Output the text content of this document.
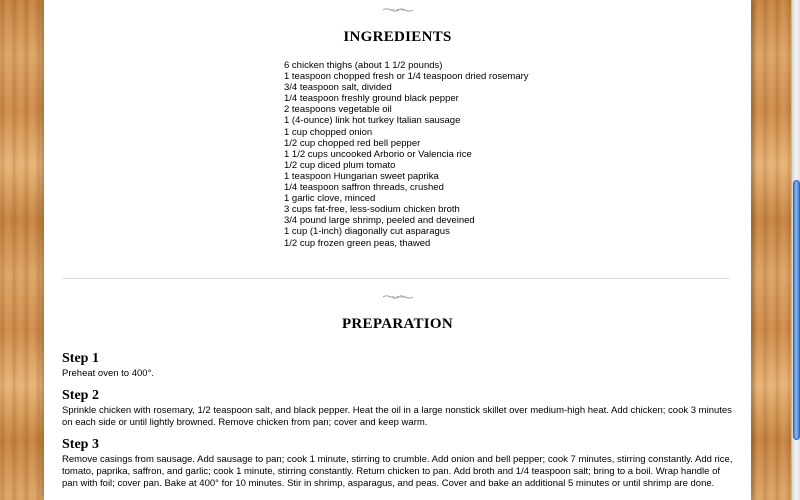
INGREDIENTS
6 chicken thighs (about 1 1/2 pounds)
1 teaspoon chopped fresh or 1/4 teaspoon dried rosemary
3/4 teaspoon salt, divided
1/4 teaspoon freshly ground black pepper
2 teaspoons vegetable oil
1 (4-ounce) link hot turkey Italian sausage
1 cup chopped onion
1/2 cup chopped red bell pepper
1 1/2 cups uncooked Arborio or Valencia rice
1/2 cup diced plum tomato
1 teaspoon Hungarian sweet paprika
1/4 teaspoon saffron threads, crushed
1 garlic clove, minced
3 cups fat-free, less-sodium chicken broth
3/4 pound large shrimp, peeled and deveined
1 cup (1-inch) diagonally cut asparagus
1/2 cup frozen green peas, thawed
PREPARATION
Step 1

Preheat oven to 400°.

Step 2

Sprinkle chicken with rosemary, 1/2 teaspoon salt, and black pepper. Heat the oil in a large nonstick skillet over medium-high heat. Add chicken; cook 3 minutes on each side or until lightly browned. Remove chicken from pan; cover and keep warm.

Step 3

Remove casings from sausage. Add sausage to pan; cook 1 minute, stirring to crumble. Add onion and bell pepper; cook 7 minutes, stirring constantly. Add rice, tomato, paprika, saffron, and garlic; cook 1 minute, stirring constantly. Return chicken to pan. Add broth and 1/4 teaspoon salt; bring to a boil. Wrap handle of pan with foil; cover pan. Bake at 400° for 10 minutes. Stir in shrimp, asparagus, and peas. Cover and bake an additional 5 minutes or until shrimp are done.
